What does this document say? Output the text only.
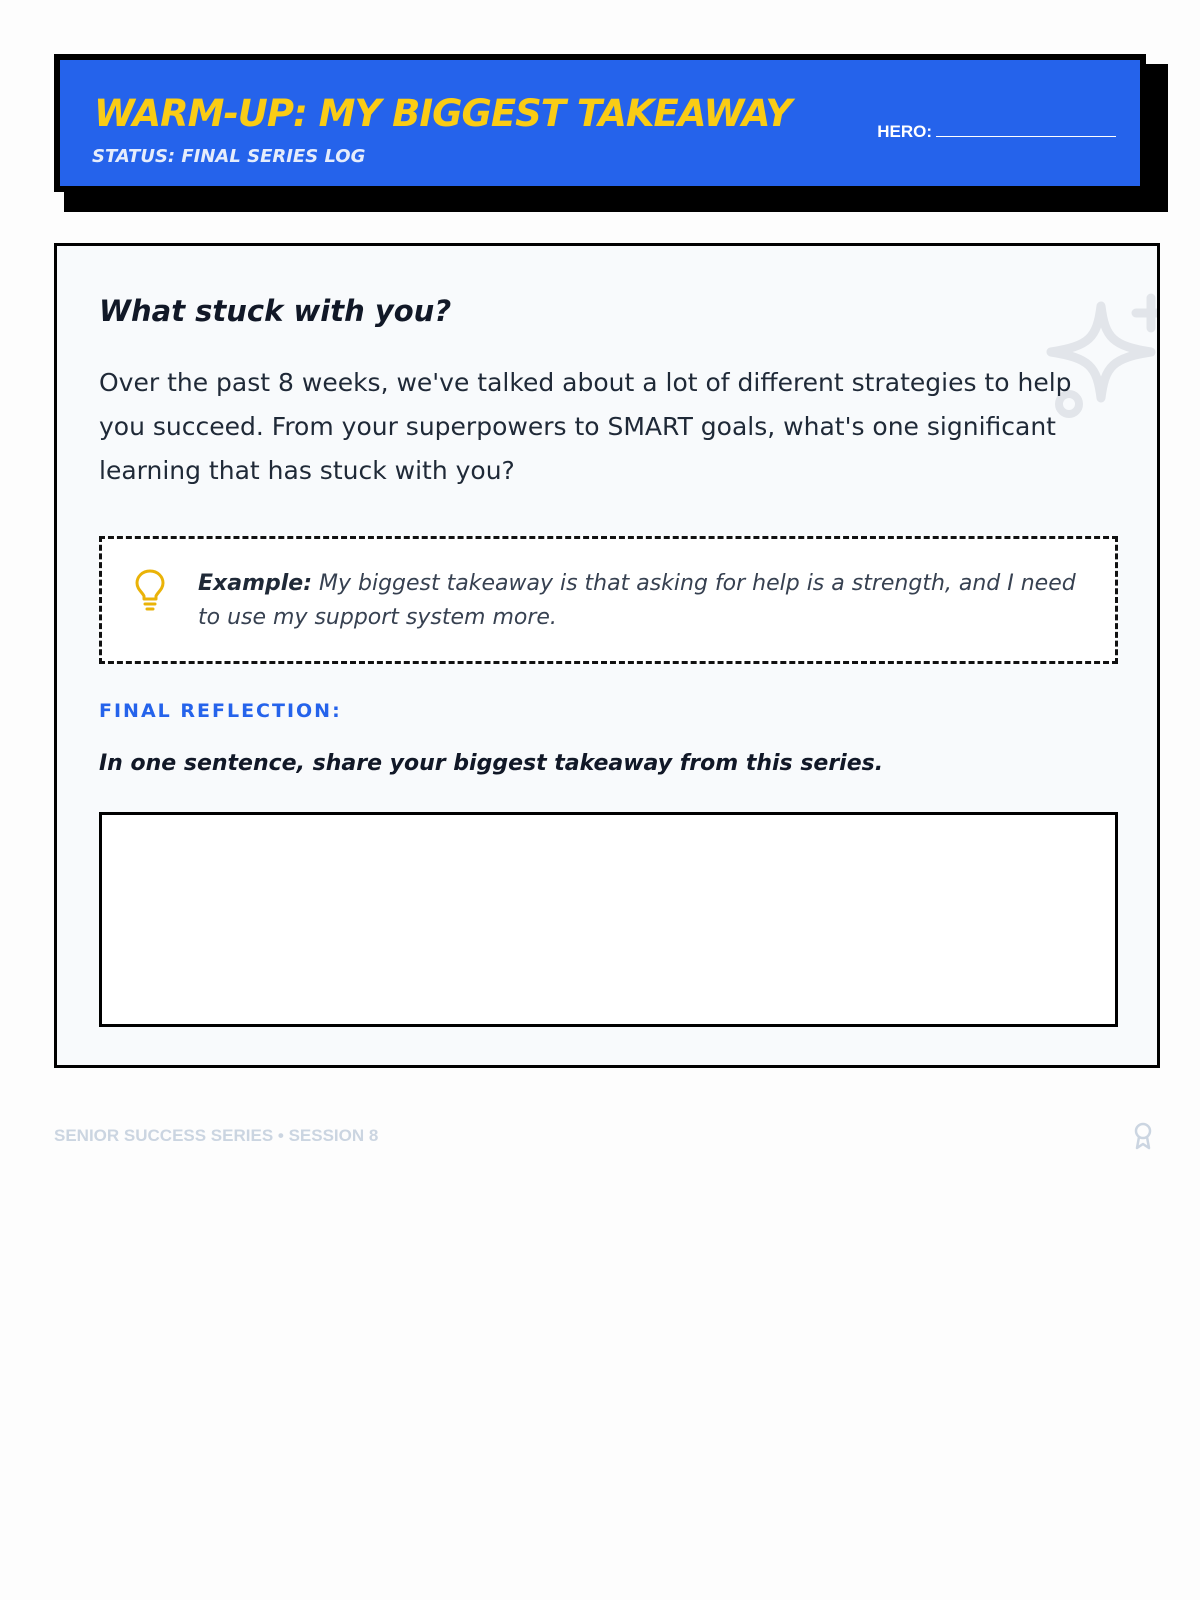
WARM-UP: MY BIGGEST TAKEAWAY
STATUS: FINAL SERIES LOG
HERO:
What stuck with you?
Over the past 8 weeks, we've talked about a lot of different strategies to help you succeed. From your superpowers to SMART goals, what's one significant learning that has stuck with you?
Example: My biggest takeaway is that asking for help is a strength, and I need to use my support system more.
FINAL REFLECTION:
In one sentence, share your biggest takeaway from this series.
SENIOR SUCCESS SERIES • SESSION 8
